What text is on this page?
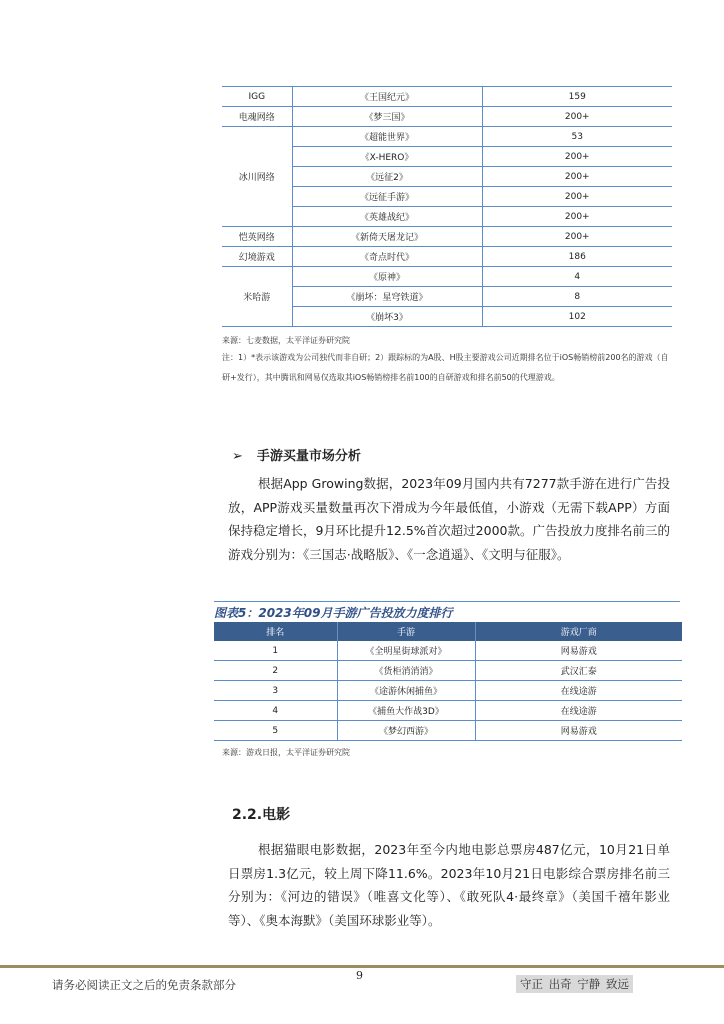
IGG	《王国纪元》	159
电魂网络	《梦三国》	200+
冰川网络	《超能世界》	53
	《X-HERO》	200+
	《远征2》	200+
	《远征手游》	200+
	《英雄战纪》	200+
恺英网络	《新倚天屠龙记》	200+
幻境游戏	《奇点时代》	186
米哈游	《原神》	4
	《崩坏：星穹铁道》	8
	《崩坏3》	102
来源：七麦数据，太平洋证券研究院
注：1）*表示该游戏为公司独代而非自研；2）跟踪标的为A股、H股主要游戏公司近期排名位于iOS畅销榜前200名的游戏（自研+发行），其中腾讯和网易仅选取其iOS畅销榜排名前100的自研游戏和排名前50的代理游戏。
➢ 手游买量市场分析
根据App Growing数据，2023年09月国内共有7277款手游在进行广告投放，APP游戏买量数量再次下滑成为今年最低值，小游戏（无需下载APP）方面保持稳定增长，9月环比提升12.5%首次超过2000款。广告投放力度排名前三的游戏分别为：《三国志·战略版》、《一念逍遥》、《文明与征服》。
图表5：2023年09月手游广告投放力度排行
排名	手游	游戏厂商
1	《全明星街球派对》	网易游戏
2	《货柜消消消》	武汉汇泰
3	《途游休闲捕鱼》	在线途游
4	《捕鱼大作战3D》	在线途游
5	《梦幻西游》	网易游戏
来源：游戏日报，太平洋证券研究院
2.2.电影
根据猫眼电影数据，2023年至今内地电影总票房487亿元，10月21日单日票房1.3亿元，较上周下降11.6%。2023年10月21日电影综合票房排名前三分别为：《河边的错误》（唯喜文化等）、《敢死队4·最终章》（美国千禧年影业等）、《奥本海默》（美国环球影业等）。
9
请务必阅读正文之后的免责条款部分	守正 出奇 宁静 致远
